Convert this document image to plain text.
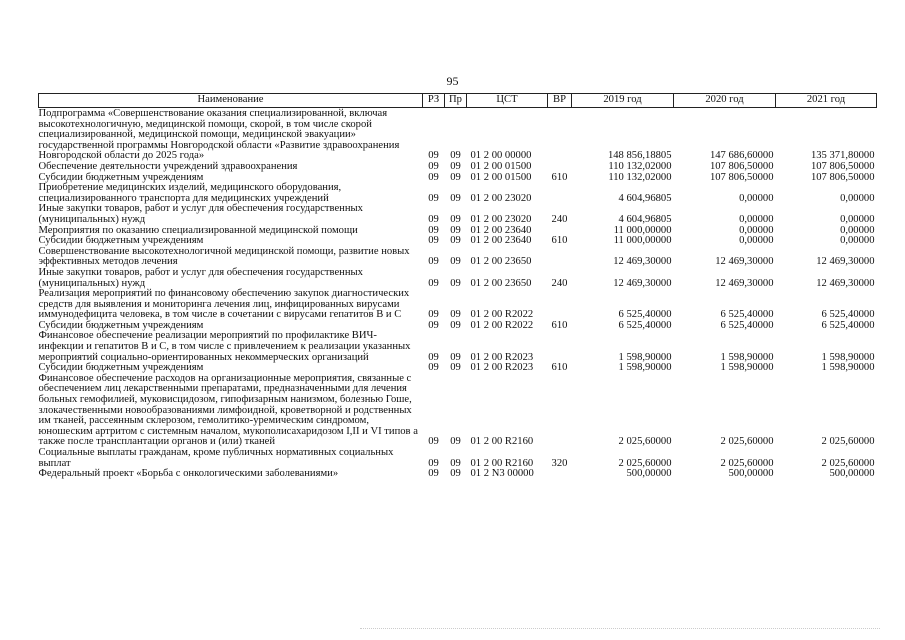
95
Наименование	РЗ	Пр	ЦСТ	ВР	2019 год	2020 год	2021 год
Подпрограмма «Совершенствование оказания специализированной, включая высокотехнологичную, медицинской помощи, скорой, в том числе скорой специализированной, медицинской помощи, медицинской эвакуации» государственной программы Новгородской области «Развитие здравоохранения Новгородской области до 2025 года»	09	09	01 2 00 00000		148 856,18805	147 686,60000	135 371,80000
Обеспечение деятельности учреждений здравоохранения	09	09	01 2 00 01500		110 132,02000	107 806,50000	107 806,50000
Субсидии бюджетным учреждениям	09	09	01 2 00 01500	610	110 132,02000	107 806,50000	107 806,50000
Приобретение медицинских изделий, медицинского оборудования, специализированного транспорта для медицинских учреждений	09	09	01 2 00 23020		4 604,96805	0,00000	0,00000
Иные закупки товаров, работ и услуг для обеспечения государственных (муниципальных) нужд	09	09	01 2 00 23020	240	4 604,96805	0,00000	0,00000
Мероприятия по оказанию специализированной медицинской помощи	09	09	01 2 00 23640		11 000,00000	0,00000	0,00000
Субсидии бюджетным учреждениям	09	09	01 2 00 23640	610	11 000,00000	0,00000	0,00000
Совершенствование высокотехнологичной медицинской помощи, развитие новых эффективных методов лечения	09	09	01 2 00 23650		12 469,30000	12 469,30000	12 469,30000
Иные закупки товаров, работ и услуг для обеспечения государственных (муниципальных) нужд	09	09	01 2 00 23650	240	12 469,30000	12 469,30000	12 469,30000
Реализация мероприятий по финансовому обеспечению закупок диагностических средств для выявления и мониторинга лечения лиц, инфицированных вирусами иммунодефицита человека, в том числе в сочетании с вирусами гепатитов В и С	09	09	01 2 00 R2022		6 525,40000	6 525,40000	6 525,40000
Субсидии бюджетным учреждениям	09	09	01 2 00 R2022	610	6 525,40000	6 525,40000	6 525,40000
Финансовое обеспечение реализации мероприятий по профилактике ВИЧ-инфекции и гепатитов В и С, в том числе с привлечением к реализации указанных мероприятий социально-ориентированных некоммерческих организаций	09	09	01 2 00 R2023		1 598,90000	1 598,90000	1 598,90000
Субсидии бюджетным учреждениям	09	09	01 2 00 R2023	610	1 598,90000	1 598,90000	1 598,90000
Финансовое обеспечение расходов на организационные мероприятия, связанные с обеспечением лиц лекарственными препаратами, предназначенными для лечения больных гемофилией, муковисцидозом, гипофизарным нанизмом, болезнью Гоше, злокачественными новообразованиями лимфоидной, кроветворной и родственных им тканей, рассеянным склерозом, гемолитико-уремическим синдромом, юношеским артритом с системным началом, мукополисахаридозом I,II и VI типов а также после трансплантации органов и (или) тканей	09	09	01 2 00 R2160		2 025,60000	2 025,60000	2 025,60000
Социальные выплаты гражданам, кроме публичных нормативных социальных выплат	09	09	01 2 00 R2160	320	2 025,60000	2 025,60000	2 025,60000
Федеральный проект «Борьба с онкологическими заболеваниями»	09	09	01 2 N3 00000		500,00000	500,00000	500,00000
